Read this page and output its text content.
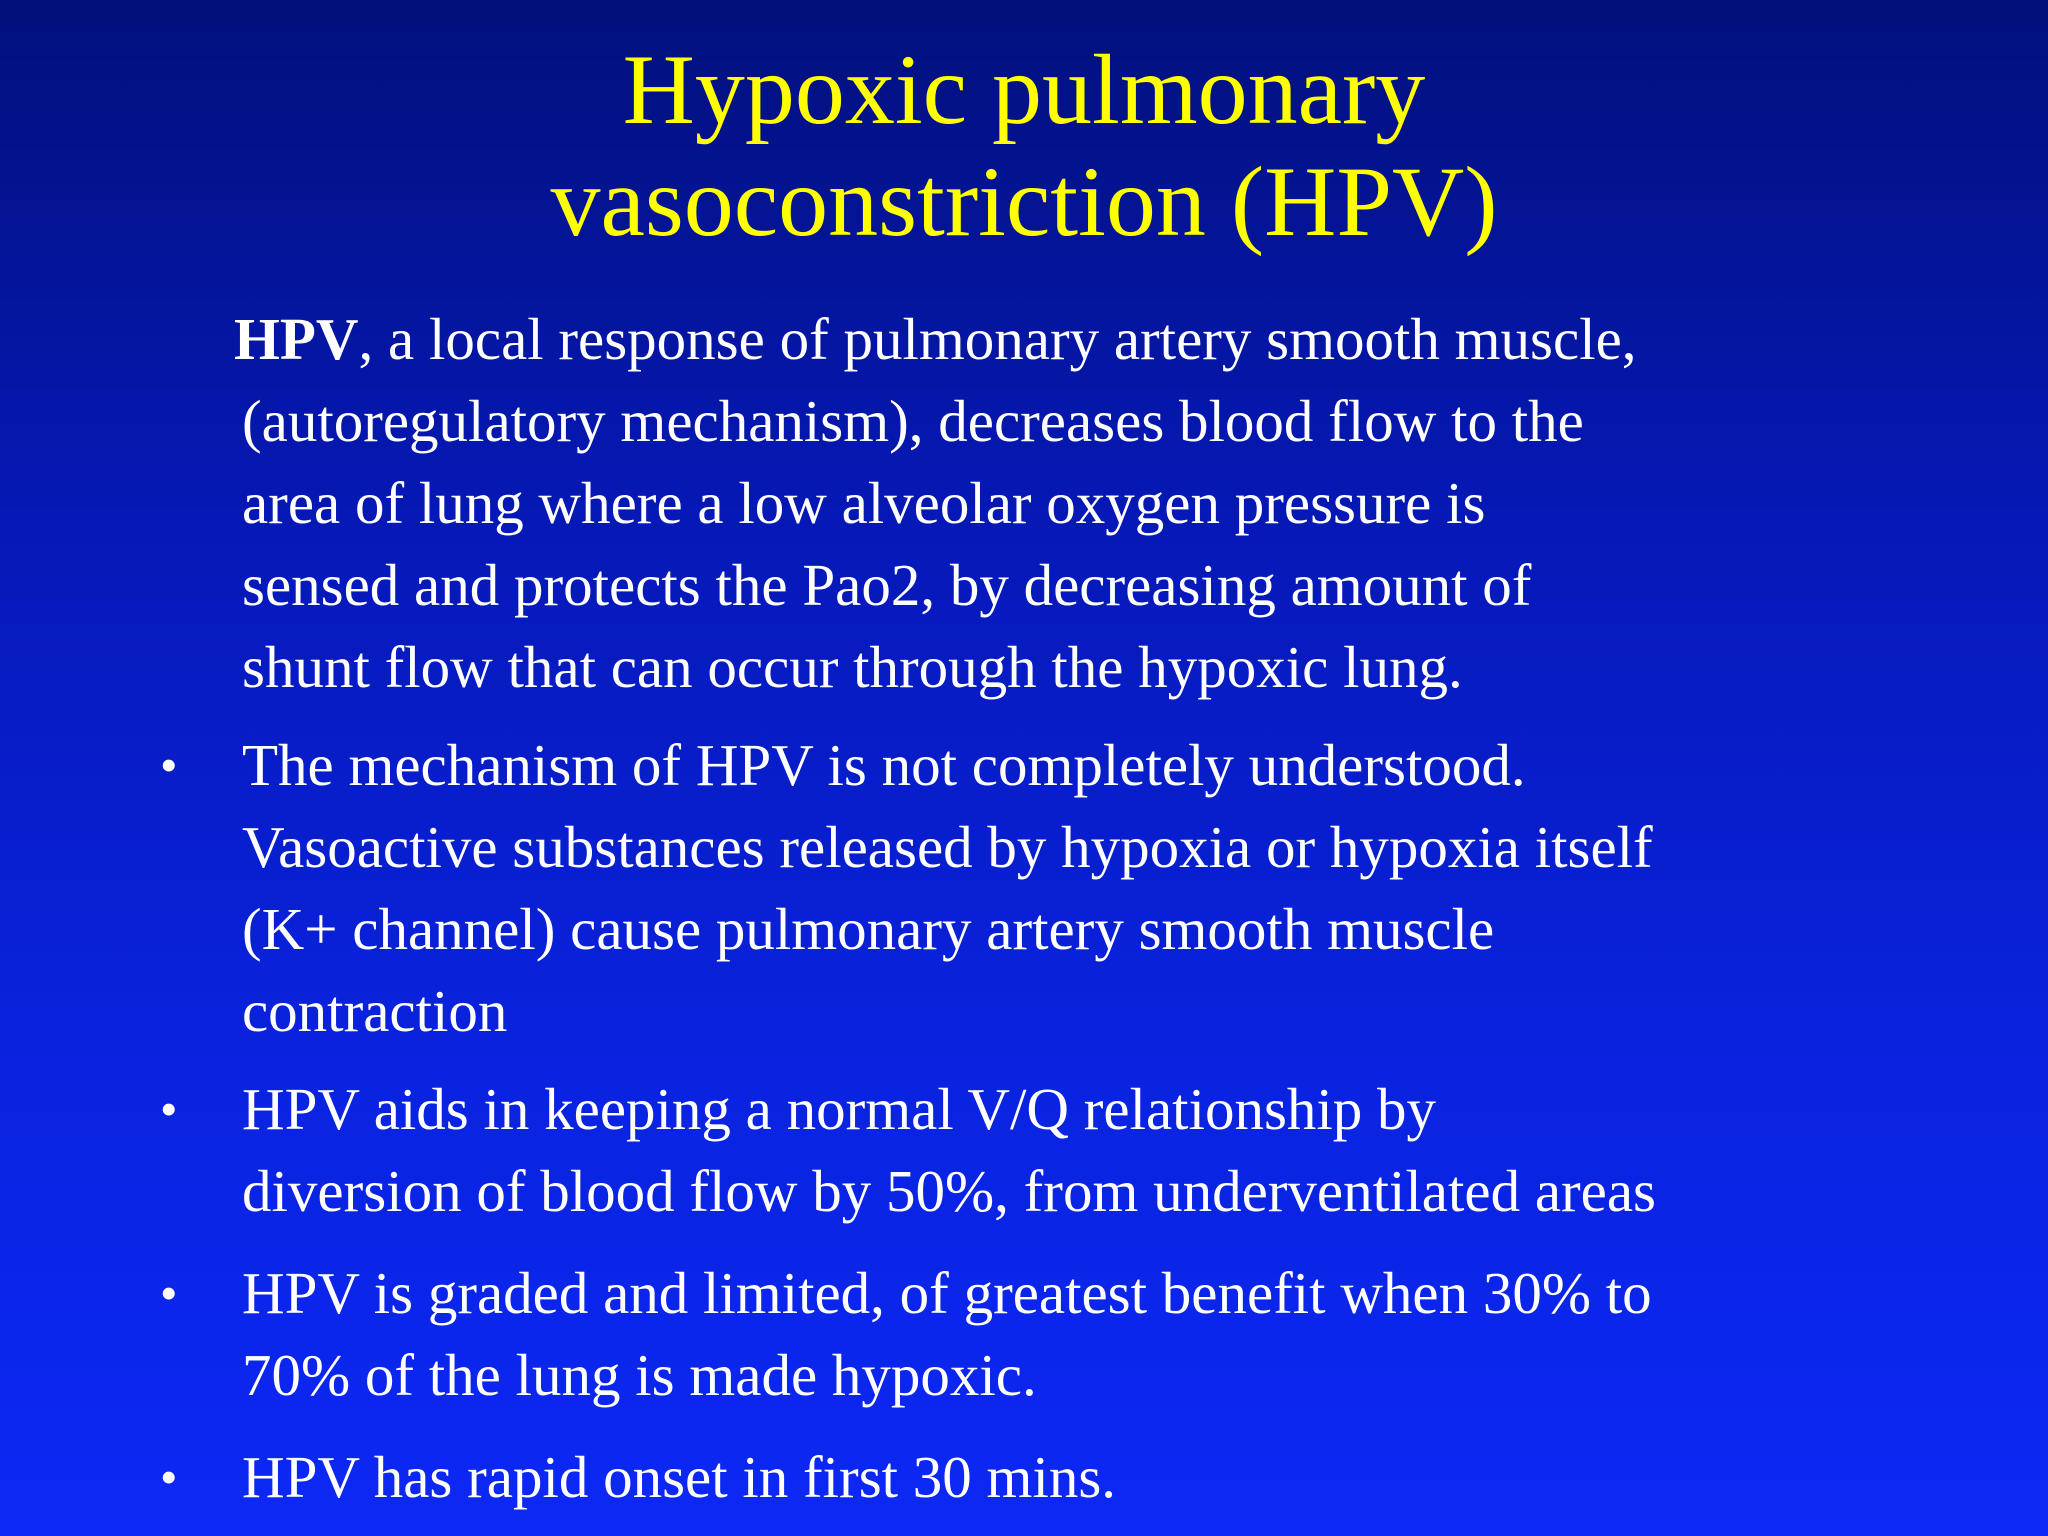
Hypoxic pulmonary
vasoconstriction (HPV)
HPV, a local response of pulmonary artery smooth muscle,
(autoregulatory mechanism), decreases blood flow to the
area of lung where a low alveolar oxygen pressure is
sensed and protects the Pao2, by decreasing amount of
shunt flow that can occur through the hypoxic lung.
• The mechanism of HPV is not completely understood.
Vasoactive substances released by hypoxia or hypoxia itself
(K+ channel) cause pulmonary artery smooth muscle
contraction
• HPV aids in keeping a normal V/Q relationship by
diversion of blood flow by 50%, from underventilated areas
• HPV is graded and limited, of greatest benefit when 30% to
70% of the lung is made hypoxic.
• HPV has rapid onset in first 30 mins.
